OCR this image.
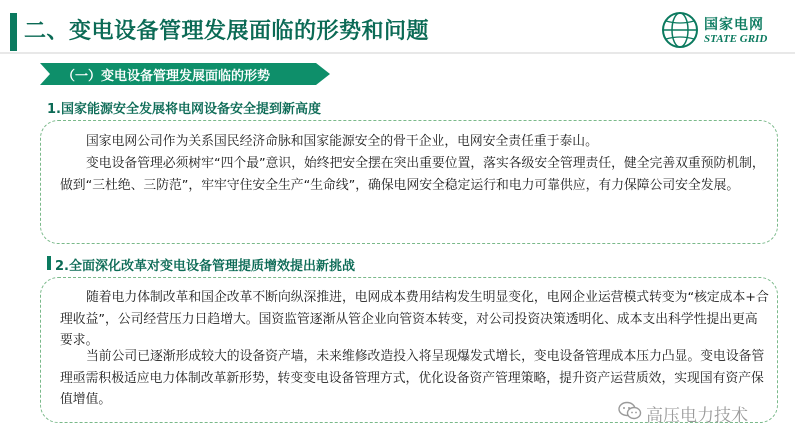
二、变电设备管理发展面临的形势和问题	国家电网
STATE GRID
（一）变电设备管理发展面临的形势
1.国家能源安全发展将电网设备安全提到新高度
国家电网公司作为关系国民经济命脉和国家能源安全的骨干企业，电网安全责任重于泰山。
变电设备管理必须树牢“四个最”意识，始终把安全摆在突出重要位置，落实各级安全管理责任，健全完善双重预防机制，做到“三杜绝、三防范”，牢牢守住安全生产“生命线”，确保电网安全稳定运行和电力可靠供应，有力保障公司安全发展。
2.全面深化改革对变电设备管理提质增效提出新挑战
随着电力体制改革和国企改革不断向纵深推进，电网成本费用结构发生明显变化，电网企业运营模式转变为“核定成本+合理收益”，公司经营压力日趋增大。国资监管逐渐从管企业向管资本转变，对公司投资决策透明化、成本支出科学性提出更高要求。
当前公司已逐渐形成较大的设备资产墙，未来维修改造投入将呈现爆发式增长，变电设备管理成本压力凸显。变电设备管理亟需积极适应电力体制改革新形势，转变变电设备管理方式，优化设备资产管理策略，提升资产运营质效，实现国有资产保值增值。
高压电力技术
